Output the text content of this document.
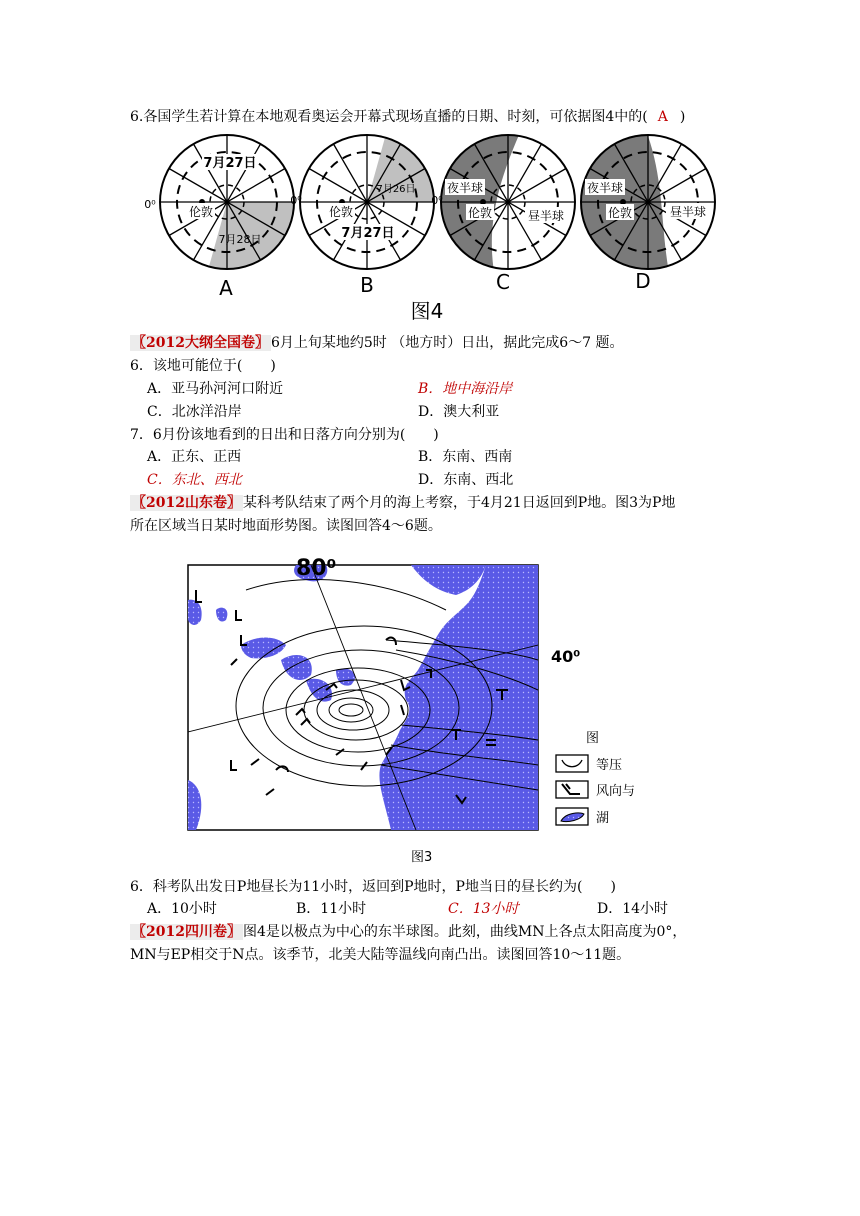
6.各国学生若计算在本地观看奥运会开幕式现场直播的日期、时刻，可依据图4中的( A )
7月27日
伦敦
7月28日
0⁰
7月26日
伦敦
7月27日
0⁰
夜半球
伦敦	昼半球
0⁰
夜半球
伦敦	昼半球
A	B	C	D
图4
〖2012大纲全国卷〗 6月上旬某地约5时 （地方时）日出，据此完成6～7 题。
6．该地可能位于(　　)
A．亚马孙河河口附近	B．地中海沿岸
C．北冰洋沿岸	D．澳大利亚
7．6月份该地看到的日出和日落方向分别为(　　)
A．正东、正西	B．东南、西南
C．东北、西北	D．东南、西北
〖2012山东卷〗 某科考队结束了两个月的海上考察，于4月21日返回到P地。图3为P地
所在区域当日某时地面形势图。读图回答4～6题。
80⁰
40⁰
图
等压
风向与
湖
图3
6．科考队出发日P地昼长为11小时，返回到P地时，P地当日的昼长约为(　　)
A．10小时	B．11小时	C．13小时	D．14小时
〖2012四川卷〗 图4是以极点为中心的东半球图。此刻，曲线MN上各点太阳高度为0°，
MN与EP相交于N点。该季节，北美大陆等温线向南凸出。读图回答10～11题。
